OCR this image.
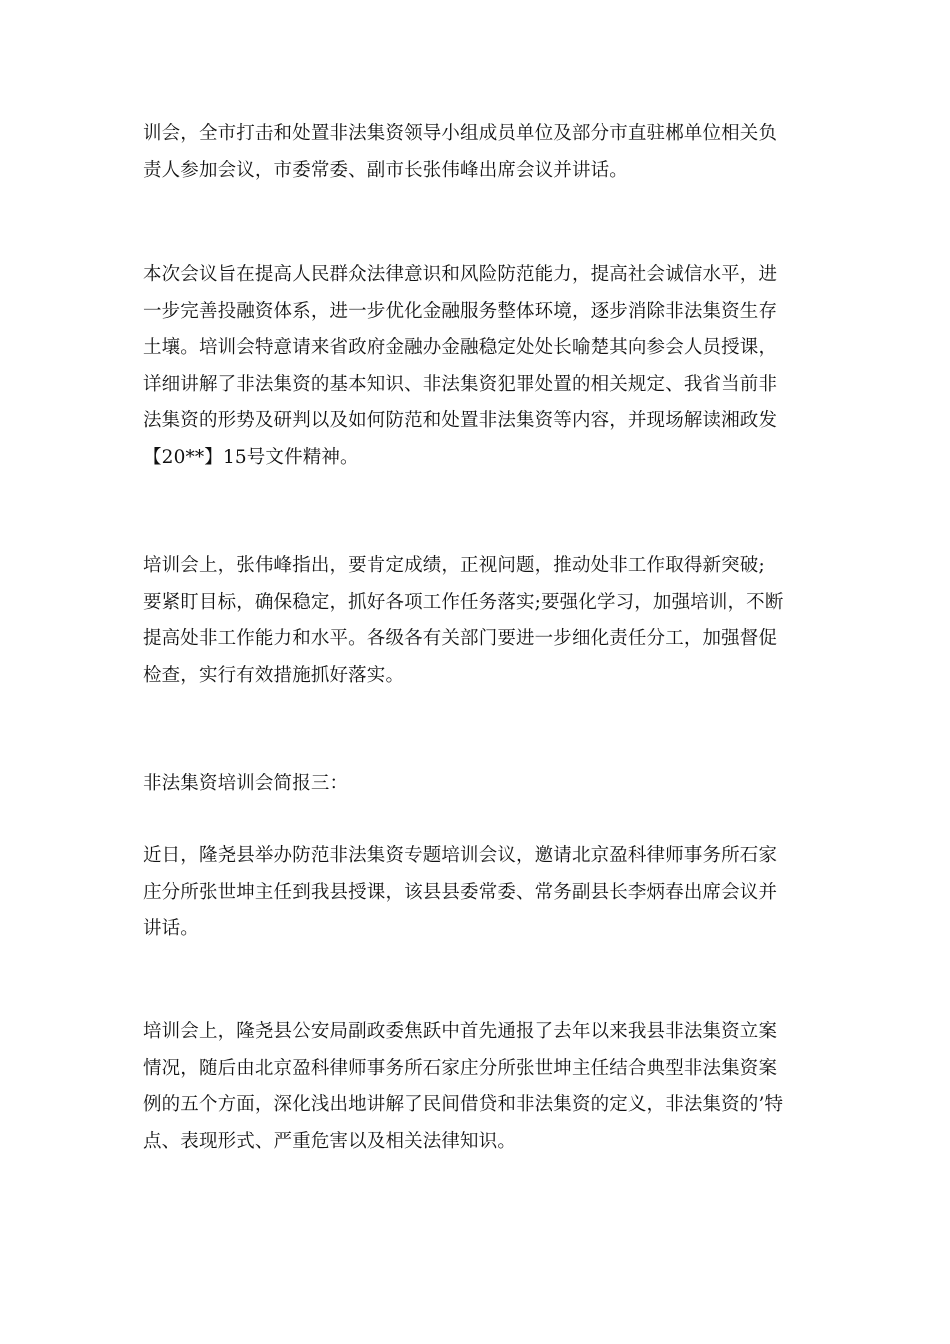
训会，全市打击和处置非法集资领导小组成员单位及部分市直驻郴单位相关负
责人参加会议，市委常委、副市长张伟峰出席会议并讲话。

本次会议旨在提高人民群众法律意识和风险防范能力，提高社会诚信水平，进
一步完善投融资体系，进一步优化金融服务整体环境，逐步消除非法集资生存
土壤。培训会特意请来省政府金融办金融稳定处处长喻楚其向参会人员授课，
详细讲解了非法集资的基本知识、非法集资犯罪处置的相关规定、我省当前非
法集资的形势及研判以及如何防范和处置非法集资等内容，并现场解读湘政发
【20**】15号文件精神。

培训会上，张伟峰指出，要肯定成绩，正视问题，推动处非工作取得新突破;
要紧盯目标，确保稳定，抓好各项工作任务落实;要强化学习，加强培训，不断
提高处非工作能力和水平。各级各有关部门要进一步细化责任分工，加强督促
检查，实行有效措施抓好落实。

非法集资培训会简报三：

近日，隆尧县举办防范非法集资专题培训会议，邀请北京盈科律师事务所石家
庄分所张世坤主任到我县授课，该县县委常委、常务副县长李炳春出席会议并
讲话。

培训会上，隆尧县公安局副政委焦跃中首先通报了去年以来我县非法集资立案
情况，随后由北京盈科律师事务所石家庄分所张世坤主任结合典型非法集资案
例的五个方面，深化浅出地讲解了民间借贷和非法集资的定义，非法集资的’特
点、表现形式、严重危害以及相关法律知识。
